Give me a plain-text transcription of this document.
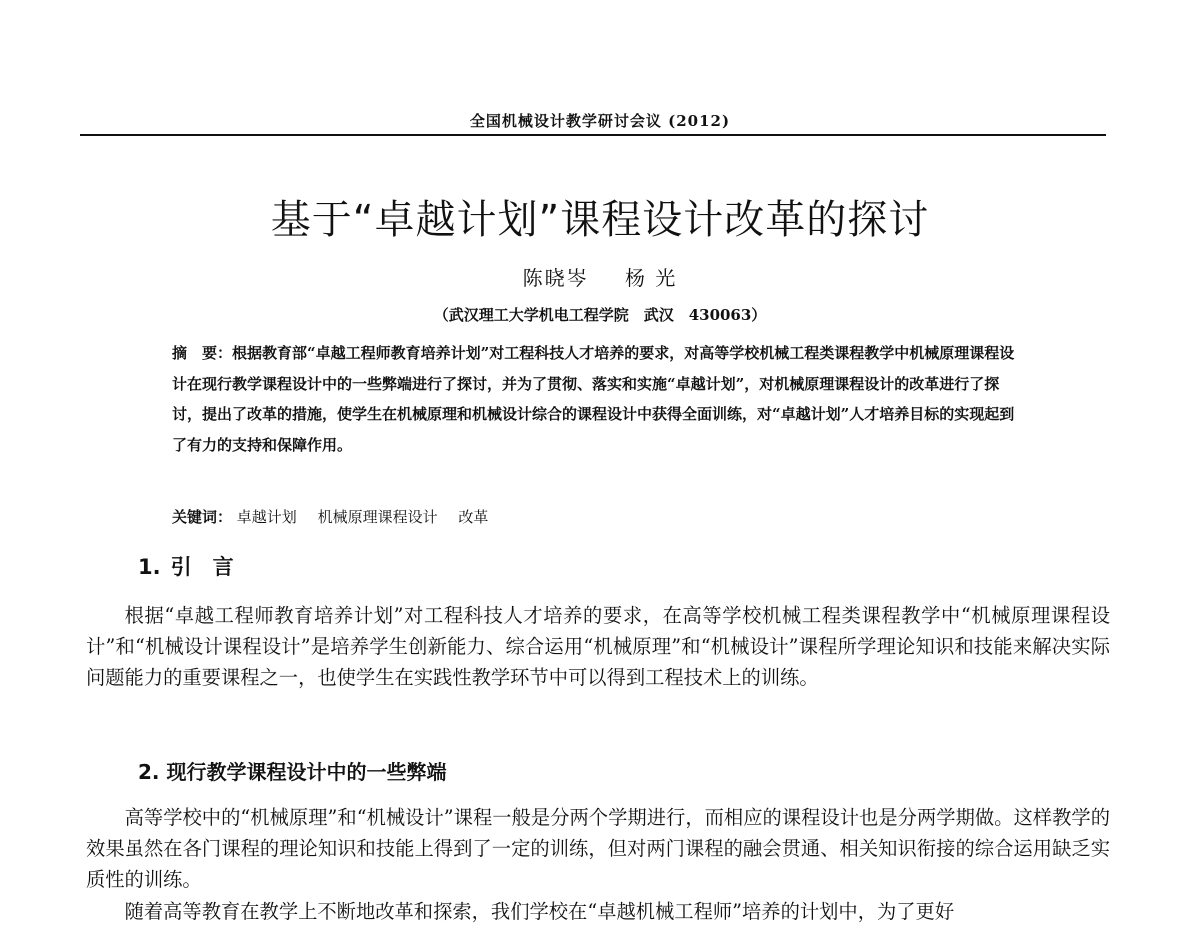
全国机械设计教学研讨会议 (2012)
基于“卓越计划”课程设计改革的探讨
陈晓岑 杨 光
（武汉理工大学机电工程学院　武汉　430063）
摘　要：根据教育部“卓越工程师教育培养计划”对工程科技人才培养的要求，对高等学校机械工程类课程教学中机械原理课程设计在现行教学课程设计中的一些弊端进行了探讨，并为了贯彻、落实和实施“卓越计划”，对机械原理课程设计的改革进行了探讨，提出了改革的措施，使学生在机械原理和机械设计综合的课程设计中获得全面训练，对“卓越计划”人才培养目标的实现起到了有力的支持和保障作用。
关键词： 卓越计划 机械原理课程设计 改革
1. 引　言
根据“卓越工程师教育培养计划”对工程科技人才培养的要求，在高等学校机械工程类课程教学中“机械原理课程设计”和“机械设计课程设计”是培养学生创新能力、综合运用“机械原理”和“机械设计”课程所学理论知识和技能来解决实际问题能力的重要课程之一，也使学生在实践性教学环节中可以得到工程技术上的训练。
2. 现行教学课程设计中的一些弊端
高等学校中的“机械原理”和“机械设计”课程一般是分两个学期进行，而相应的课程设计也是分两学期做。这样教学的效果虽然在各门课程的理论知识和技能上得到了一定的训练，但对两门课程的融会贯通、相关知识衔接的综合运用缺乏实质性的训练。
随着高等教育在教学上不断地改革和探索，我们学校在“卓越机械工程师”培养的计划中，为了更好
